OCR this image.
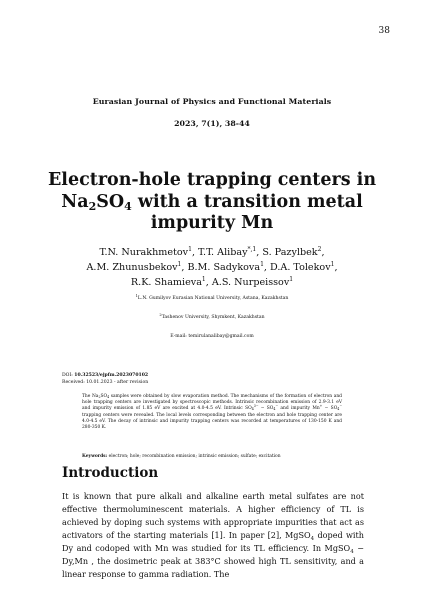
38
Eurasian Journal of Physics and Functional Materials
2023, 7(1), 38-44
Electron-hole trapping centers in
$Na_2SO_4$ with a transition metal
impurity Mn
T.N. Nurakhmetov$^1$, T.T. Alibay$^{*,1}$, S. Pazylbek$^2$,
A.M. Zhunusbekov$^1$, B.M. Sadykova$^1$, D.A. Tolekov$^1$,
R.K. Shamieva$^1$, A.S. Nurpeissov$^1$
$^1$L.N. Gumilyov Eurasian National University, Astana, Kazakhstan
$^2$Tashenov University, Shymkent, Kazakhstan
E-mail: temirulanalibay@gmail.com
DOI: 10.32523/ejpfm.2023070102
Received: 10.01.2023 - after revision
The $Na_2SO_4$ samples were obtained by slow evaporation method. The mechanisms of the formation of electron and hole trapping centers are investigated by spectroscopic methods. Intrinsic recombination emission of 2.9-3.1 eV and impurity emission of 1.85 eV are excited at 4.0-4.5 eV. Intrinsic $SO_4^{3-} - SO_4^-$ and impurity $Mn^+ - SO_4^-$ trapping centers were revealed. The local levels corresponding between the electron and hole trapping center are 4.0-4.5 eV. The decay of intrinsic and impurity trapping centers was recorded at temperatures of 130-150 K and 280-350 K.
Keywords: electron; hole; recombination emission; intrinsic emission; sulfate; excitation
Introduction

It is known that pure alkali and alkaline earth metal sulfates are not effective thermoluminescent materials. A higher efficiency of TL is achieved by doping such systems with appropriate impurities that act as activators of the starting materials [1]. In paper [2], MgSO$_4$ doped with Dy and codoped with Mn was studied for its TL efficiency. In MgSO$_4$ − Dy,Mn , the dosimetric peak at 383°C showed high TL sensitivity, and a linear response to gamma radiation. The
